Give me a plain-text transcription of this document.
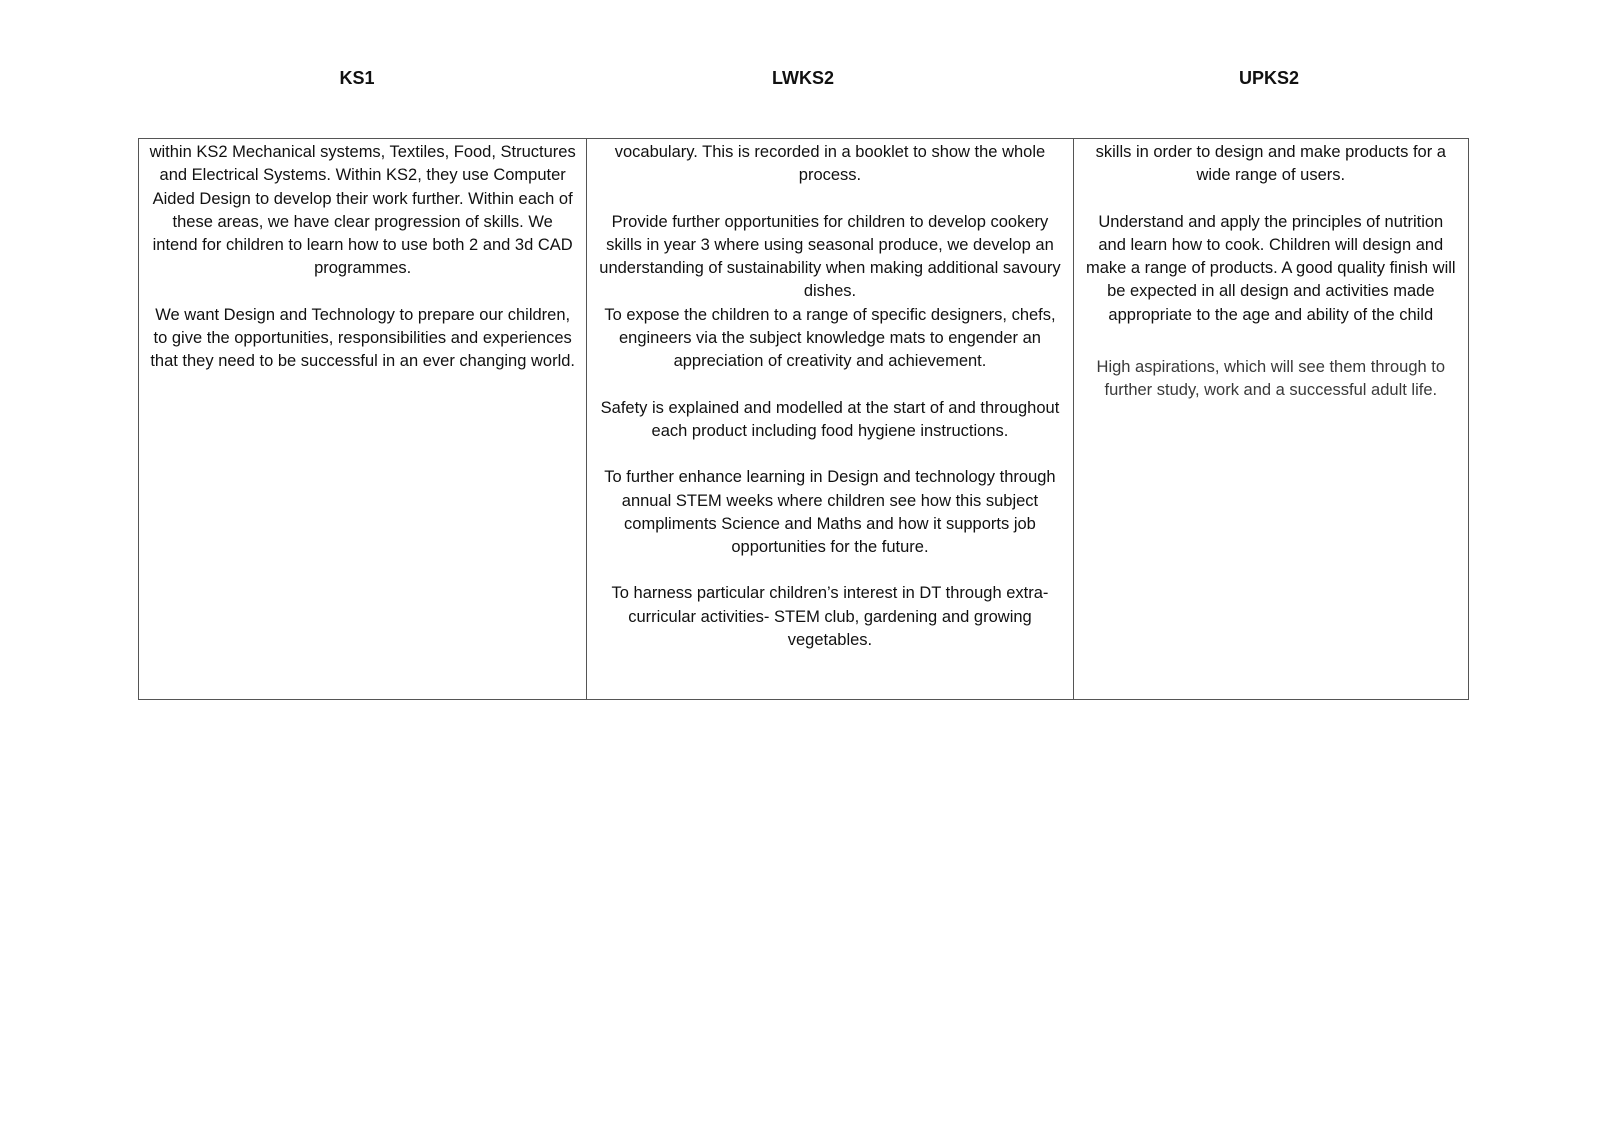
KS1	LWKS2	UPKS2

within KS2 Mechanical systems, Textiles, Food, Structures and Electrical Systems. Within KS2, they use Computer Aided Design to develop their work further. Within each of these areas, we have clear progression of skills. We intend for children to learn how to use both 2 and 3d CAD programmes.

We want Design and Technology to prepare our children, to give the opportunities, responsibilities and experiences that they need to be successful in an ever changing world.

vocabulary. This is recorded in a booklet to show the whole process.

Provide further opportunities for children to develop cookery skills in year 3 where using seasonal produce, we develop an understanding of sustainability when making additional savoury dishes.

To expose the children to a range of specific designers, chefs, engineers via the subject knowledge mats to engender an appreciation of creativity and achievement.

Safety is explained and modelled at the start of and throughout each product including food hygiene instructions.

To further enhance learning in Design and technology through annual STEM weeks where children see how this subject compliments Science and Maths and how it supports job opportunities for the future.

To harness particular children’s interest in DT through extra-curricular activities- STEM club, gardening and growing vegetables.

skills in order to design and make products for a wide range of users.

Understand and apply the principles of nutrition and learn how to cook. Children will design and make a range of products. A good quality finish will be expected in all design and activities made appropriate to the age and ability of the child

High aspirations, which will see them through to further study, work and a successful adult life.
